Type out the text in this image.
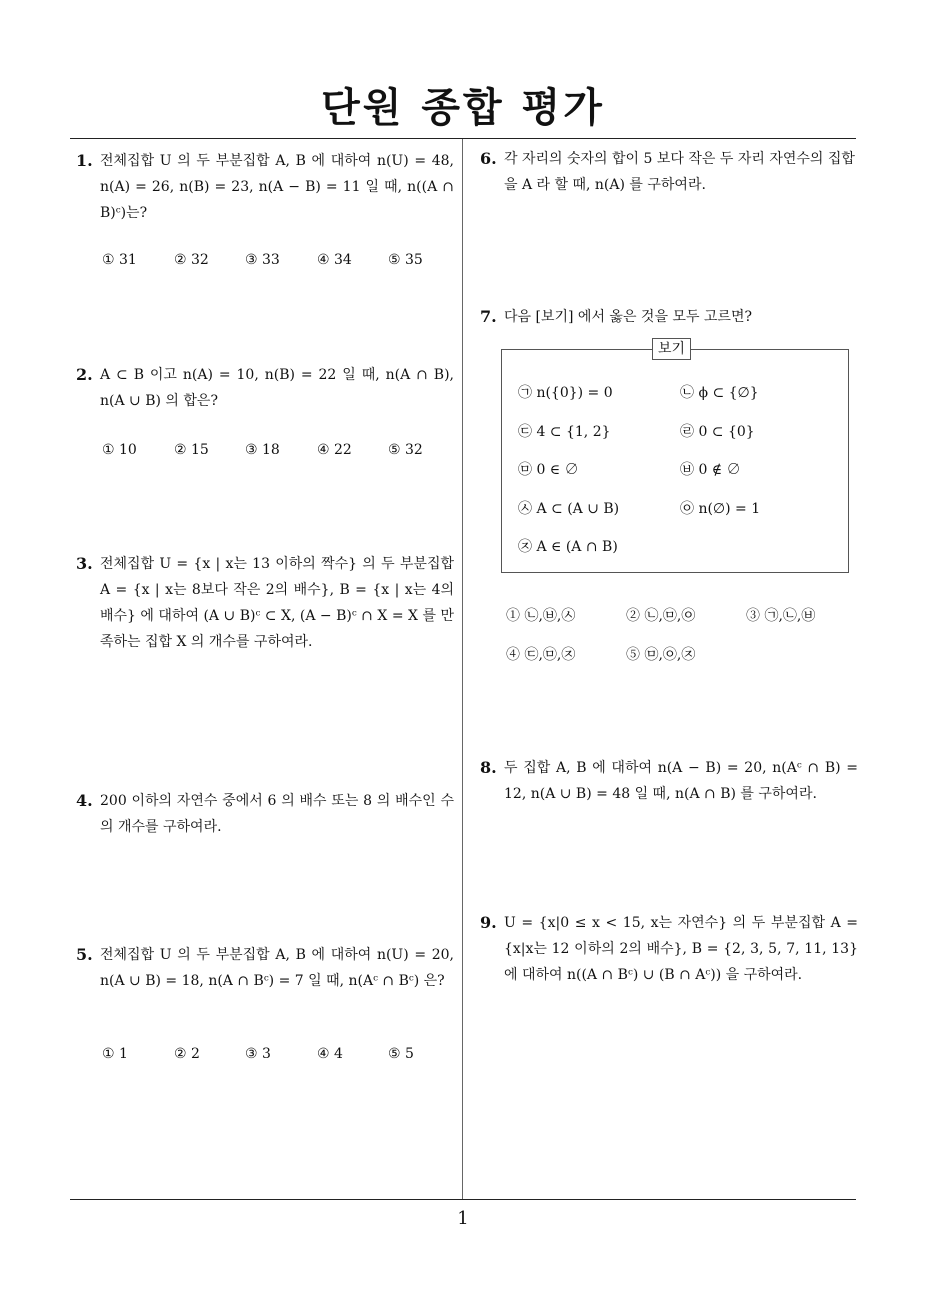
단원 종합 평가
1
1. 전체집합 U 의 두 부분집합 A, B 에 대하여 n(U) = 48, n(A) = 26, n(B) = 23, n(A − B) = 11 일 때, n((A ∩ B)ᶜ)는?
① 31	② 32	③ 33	④ 34	⑤ 35
2. A ⊂ B 이고 n(A) = 10, n(B) = 22 일 때, n(A ∩ B), n(A ∪ B) 의 합은?
① 10	② 15	③ 18	④ 22	⑤ 32
3. 전체집합 U = {x | x는 13 이하의 짝수} 의 두 부분집합 A = {x | x는 8보다 작은 2의 배수}, B = {x | x는 4의 배수} 에 대하여 (A ∪ B)ᶜ ⊂ X, (A − B)ᶜ ∩ X = X 를 만족하는 집합 X 의 개수를 구하여라.
4. 200 이하의 자연수 중에서 6 의 배수 또는 8 의 배수인 수의 개수를 구하여라.
5. 전체집합 U 의 두 부분집합 A, B 에 대하여 n(U) = 20, n(A ∪ B) = 18, n(A ∩ Bᶜ) = 7 일 때, n(Aᶜ ∩ Bᶜ) 은?
① 1	② 2	③ 3	④ 4	⑤ 5
6. 각 자리의 숫자의 합이 5 보다 작은 두 자리 자연수의 집합을 A 라 할 때, n(A) 를 구하여라.
7. 다음 [보기] 에서 옳은 것을 모두 고르면?
보기
㉠ n({0}) = 0	㉡ ϕ ⊂ {∅}
㉢ 4 ⊂ {1, 2}	㉣ 0 ⊂ {0}
㉤ 0 ∈ ∅	㉥ 0 ∉ ∅
㉦ A ⊂ (A ∪ B)	㉧ n(∅) = 1
㉨ A ∈ (A ∩ B)
① ㉡,㉥,㉦	② ㉡,㉤,㉧	③ ㉠,㉡,㉥
④ ㉢,㉤,㉨	⑤ ㉤,㉧,㉨
8. 두 집합 A, B 에 대하여 n(A − B) = 20, n(Aᶜ ∩ B) = 12, n(A ∪ B) = 48 일 때, n(A ∩ B) 를 구하여라.
9. U = {x|0 ≤ x < 15, x는 자연수} 의 두 부분집합 A = {x|x는 12 이하의 2의 배수}, B = {2, 3, 5, 7, 11, 13} 에 대하여 n((A ∩ Bᶜ) ∪ (B ∩ Aᶜ)) 을 구하여라.
